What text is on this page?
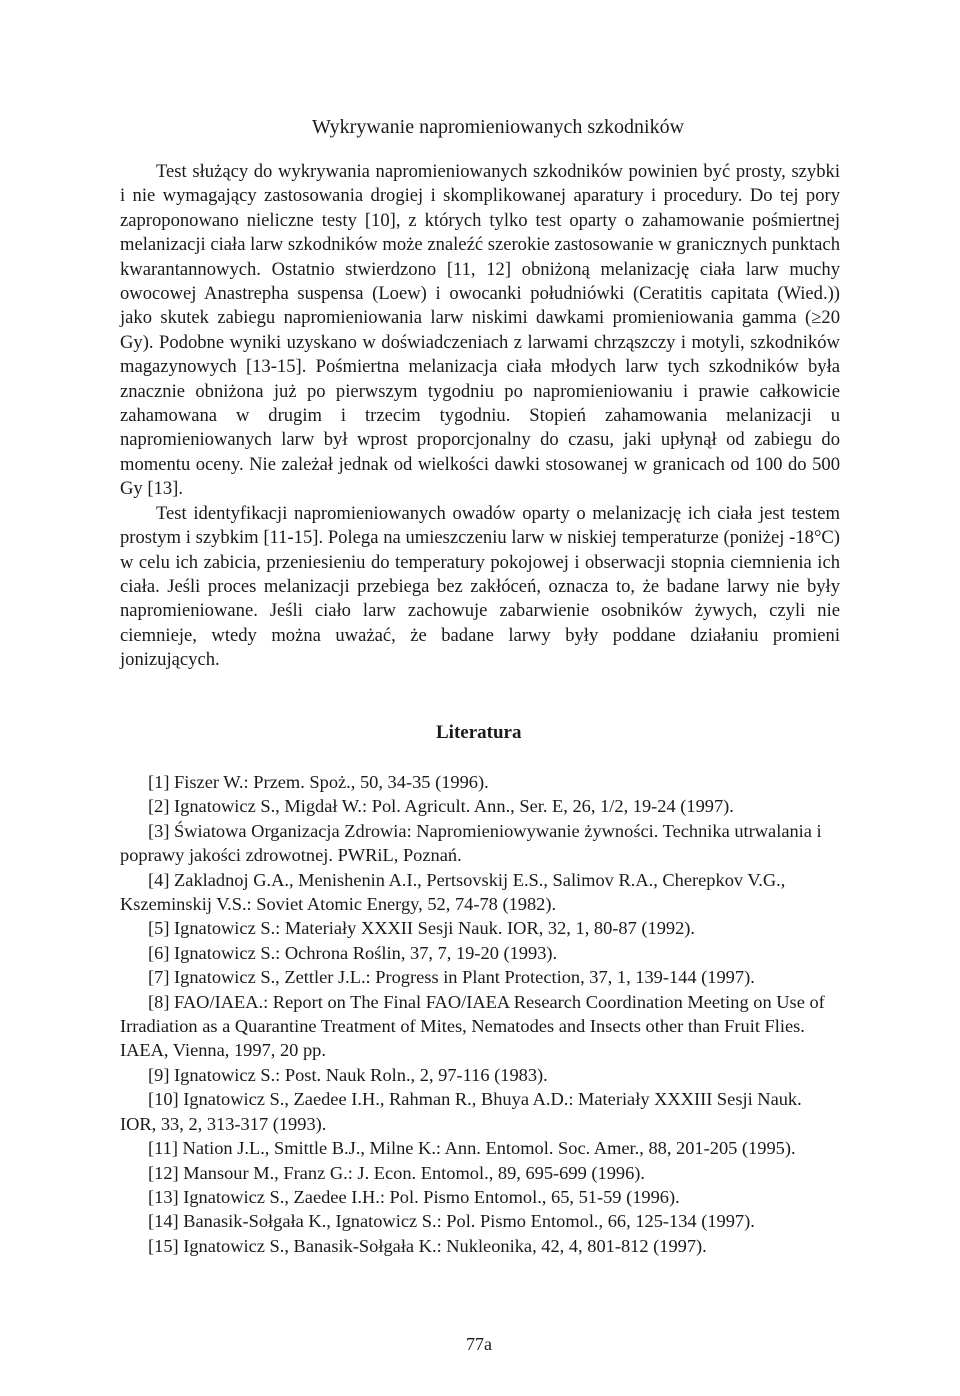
Wykrywanie napromieniowanych szkodników

Test służący do wykrywania napromieniowanych szkodników powinien być prosty, szybki i nie wymagający zastosowania drogiej i skomplikowanej aparatury i procedury. Do tej pory zaproponowano nieliczne testy [10], z których tylko test oparty o zahamowanie pośmiertnej melanizacji ciała larw szkodników może znaleźć szerokie zastosowanie w granicznych punktach kwarantannowych. Ostatnio stwierdzono [11, 12] obniżoną melanizację ciała larw muchy owocowej Anastrepha suspensa (Loew) i owocanki południówki (Ceratitis capitata (Wied.)) jako skutek zabiegu napromieniowania larw niskimi dawkami promieniowania gamma (≥20 Gy). Podobne wyniki uzyskano w doświadczeniach z larwami chrząszczy i motyli, szkodników magazynowych [13-15]. Pośmiertna melanizacja ciała młodych larw tych szkodników była znacznie obniżona już po pierwszym tygodniu po napromieniowaniu i prawie całkowicie zahamowana w drugim i trzecim tygodniu. Stopień zahamowania melanizacji u napromieniowanych larw był wprost proporcjonalny do czasu, jaki upłynął od zabiegu do momentu oceny. Nie zależał jednak od wielkości dawki stosowanej w granicach od 100 do 500 Gy [13].

Test identyfikacji napromieniowanych owadów oparty o melanizację ich ciała jest testem prostym i szybkim [11-15]. Polega na umieszczeniu larw w niskiej temperaturze (poniżej -18°C) w celu ich zabicia, przeniesieniu do temperatury pokojowej i obserwacji stopnia ciemnienia ich ciała. Jeśli proces melanizacji przebiega bez zakłóceń, oznacza to, że badane larwy nie były napromieniowane. Jeśli ciało larw zachowuje zabarwienie osobników żywych, czyli nie ciemnieje, wtedy można uważać, że badane larwy były poddane działaniu promieni jonizujących.

Literatura
[1] Fiszer W.: Przem. Spoż., 50, 34-35 (1996).
[2] Ignatowicz S., Migdał W.: Pol. Agricult. Ann., Ser. E, 26, 1/2, 19-24 (1997).
[3] Światowa Organizacja Zdrowia: Napromieniowywanie żywności. Technika utrwalania i poprawy jakości zdrowotnej. PWRiL, Poznań.
[4] Zakladnoj G.A., Menishenin A.I., Pertsovskij E.S., Salimov R.A., Cherepkov V.G., Kszeminskij V.S.: Soviet Atomic Energy, 52, 74-78 (1982).
[5] Ignatowicz S.: Materiały XXXII Sesji Nauk. IOR, 32, 1, 80-87 (1992).
[6] Ignatowicz S.: Ochrona Roślin, 37, 7, 19-20 (1993).
[7] Ignatowicz S., Zettler J.L.: Progress in Plant Protection, 37, 1, 139-144 (1997).
[8] FAO/IAEA.: Report on The Final FAO/IAEA Research Coordination Meeting on Use of Irradiation as a Quarantine Treatment of Mites, Nematodes and Insects other than Fruit Flies. IAEA, Vienna, 1997, 20 pp.
[9] Ignatowicz S.: Post. Nauk Roln., 2, 97-116 (1983).
[10] Ignatowicz S., Zaedee I.H., Rahman R., Bhuya A.D.: Materiały XXXIII Sesji Nauk. IOR, 33, 2, 313-317 (1993).
[11] Nation J.L., Smittle B.J., Milne K.: Ann. Entomol. Soc. Amer., 88, 201-205 (1995).
[12] Mansour M., Franz G.: J. Econ. Entomol., 89, 695-699 (1996).
[13] Ignatowicz S., Zaedee I.H.: Pol. Pismo Entomol., 65, 51-59 (1996).
[14] Banasik-Sołgała K., Ignatowicz S.: Pol. Pismo Entomol., 66, 125-134 (1997).
[15] Ignatowicz S., Banasik-Sołgała K.: Nukleonika, 42, 4, 801-812 (1997).
77a
